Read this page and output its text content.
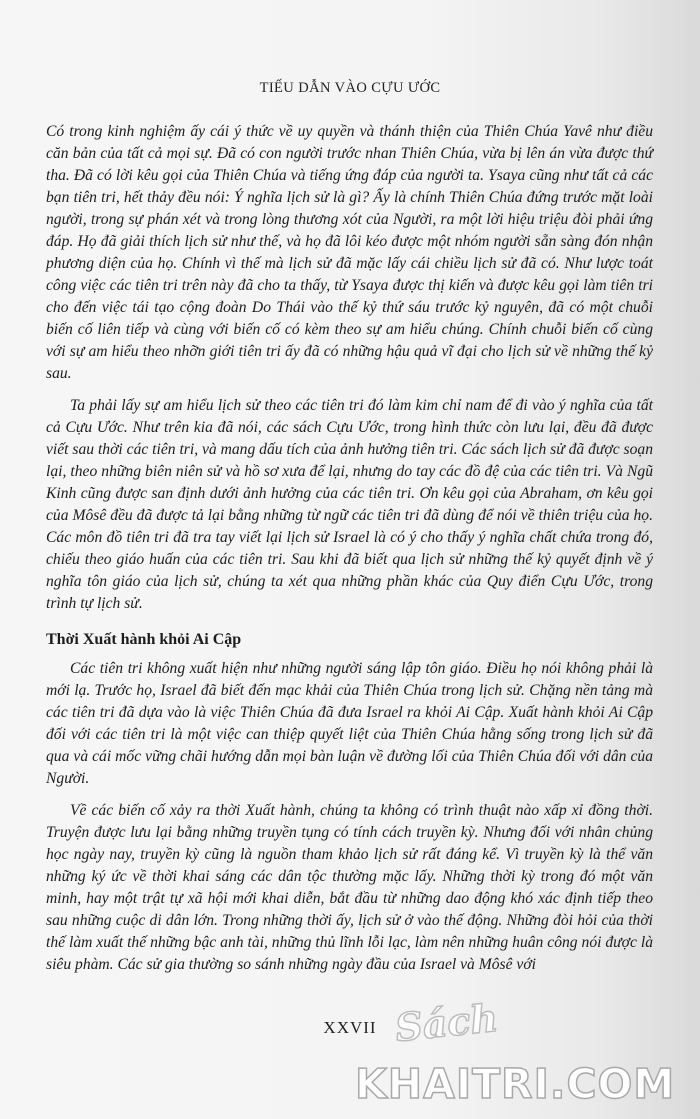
TIẾU DẪN VÀO CỰU ƯỚC

Có trong kinh nghiệm ấy cái ý thức về uy quyền và thánh thiện của Thiên Chúa Yavê như điều căn bản của tất cả mọi sự. Đã có con người trước nhan Thiên Chúa, vừa bị lên án vừa được thứ tha. Đã có lời kêu gọi của Thiên Chúa và tiếng ứng đáp của người ta. Ysaya cũng như tất cả các bạn tiên tri, hết thảy đều nói: Ý nghĩa lịch sử là gì? Ấy là chính Thiên Chúa đứng trước mặt loài người, trong sự phán xét và trong lòng thương xót của Người, ra một lời hiệu triệu đòi phải ứng đáp. Họ đã giải thích lịch sử như thế, và họ đã lôi kéo được một nhóm người sẵn sàng đón nhận phương diện của họ. Chính vì thế mà lịch sử đã mặc lấy cái chiều lịch sử đã có. Như lược toát công việc các tiên tri trên này đã cho ta thấy, từ Ysaya được thị kiến và được kêu gọi làm tiên tri cho đến việc tái tạo cộng đoàn Do Thái vào thế kỷ thứ sáu trước kỷ nguyên, đã có một chuỗi biến cố liên tiếp và cùng với biến cố có kèm theo sự am hiểu chúng. Chính chuỗi biến cố cùng với sự am hiểu theo nhỡn giới tiên tri ấy đã có những hậu quả vĩ đại cho lịch sử về những thế kỷ sau.

Ta phải lấy sự am hiểu lịch sử theo các tiên tri đó làm kim chỉ nam để đi vào ý nghĩa của tất cả Cựu Ước. Như trên kia đã nói, các sách Cựu Ước, trong hình thức còn lưu lại, đều đã được viết sau thời các tiên tri, và mang dấu tích của ảnh hưởng tiên tri. Các sách lịch sử đã được soạn lại, theo những biên niên sử và hồ sơ xưa để lại, nhưng do tay các đồ đệ của các tiên tri. Và Ngũ Kinh cũng được san định dưới ảnh hưởng của các tiên tri. Ơn kêu gọi của Abraham, ơn kêu gọi của Môsê đều đã được tả lại bằng những từ ngữ các tiên tri đã dùng để nói về thiên triệu của họ. Các môn đồ tiên tri đã tra tay viết lại lịch sử Israel là có ý cho thấy ý nghĩa chất chứa trong đó, chiếu theo giáo huấn của các tiên tri. Sau khi đã biết qua lịch sử những thế kỷ quyết định về ý nghĩa tôn giáo của lịch sử, chúng ta xét qua những phần khác của Quy điển Cựu Ước, trong trình tự lịch sử.

Thời Xuất hành khỏi Ai Cập

Các tiên tri không xuất hiện như những người sáng lập tôn giáo. Điều họ nói không phải là mới lạ. Trước họ, Israel đã biết đến mạc khải của Thiên Chúa trong lịch sử. Chặng nền tảng mà các tiên tri đã dựa vào là việc Thiên Chúa đã đưa Israel ra khỏi Ai Cập. Xuất hành khỏi Ai Cập đối với các tiên tri là một việc can thiệp quyết liệt của Thiên Chúa hằng sống trong lịch sử đã qua và cái mốc vững chãi hướng dẫn mọi bàn luận về đường lối của Thiên Chúa đối với dân của Người.

Về các biến cố xảy ra thời Xuất hành, chúng ta không có trình thuật nào xấp xỉ đồng thời. Truyện được lưu lại bằng những truyền tụng có tính cách truyền kỳ. Nhưng đối với nhân chủng học ngày nay, truyền kỳ cũng là nguồn tham khảo lịch sử rất đáng kể. Vì truyền kỳ là thể văn những ký ức về thời khai sáng các dân tộc thường mặc lấy. Những thời kỳ trong đó một văn minh, hay một trật tự xã hội mới khai diễn, bắt đầu từ những dao động khó xác định tiếp theo sau những cuộc di dân lớn. Trong những thời ấy, lịch sử ở vào thế động. Những đòi hỏi của thời thế làm xuất thế những bậc anh tài, những thủ lĩnh lỗi lạc, làm nên những huân công nói được là siêu phàm. Các sử gia thường so sánh những ngày đầu của Israel và Môsê với

XXVII Sách
KHAITRI.COM
